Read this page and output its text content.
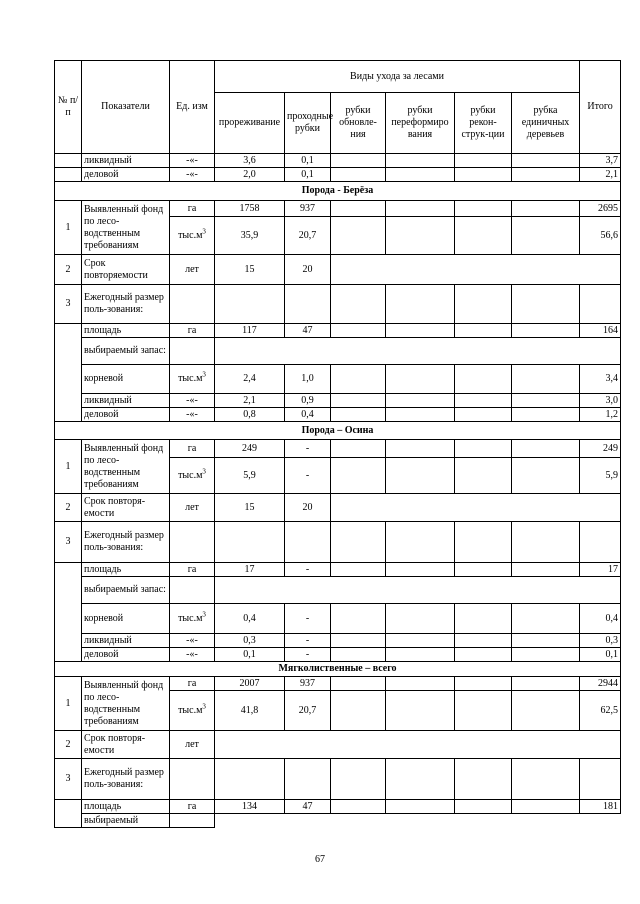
№ п/п	Показатели	Ед. изм	Виды ухода за лесами						Итого
			прореживание	проходные рубки	рубки обновле-ния	рубки переформиро вания	рубки рекон-струк-ции	рубка единичных деревьев	
	ликвидный	-«-	3,6	0,1					3,7
	деловой	-«-	2,0	0,1					2,1
Порода - Берёза									
1	Выявленный фонд по лесо-водственным требованиям	га	1758	937					2695
		$тыс.м^3$	35,9	20,7					56,6
2	Срок повторяемости	лет	15	20					
3	Ежегодный размер поль-зования:								
	площадь	га	117	47					164
	выбираемый запас:								
	корневой	$тыс.м^3$	2,4	1,0					3,4
	ликвидный	-«-	2,1	0,9					3,0
	деловой	-«-	0,8	0,4					1,2
Порода – Осина									
1	Выявленный фонд по лесо-водственным требованиям	га	249	-					249
		$тыс.м^3$	5,9	-					5,9
2	Срок повторя-емости	лет	15	20					
3	Ежегодный размер поль-зования:								
	площадь	га	17	-					17
	выбираемый запас:								
	корневой	$тыс.м^3$	0,4	-					0,4
	ликвидный	-«-	0,3	-					0,3
	деловой	-«-	0,1	-					0,1
Мягколиственные – всего									
1	Выявленный фонд по лесо-водственным требованиям	га	2007	937					2944
		$тыс.м^3$	41,8	20,7					62,5
2	Срок повторя-емости	лет							
3	Ежегодный размер поль-зования:								
	площадь	га	134	47					181
	выбираемый								
67
